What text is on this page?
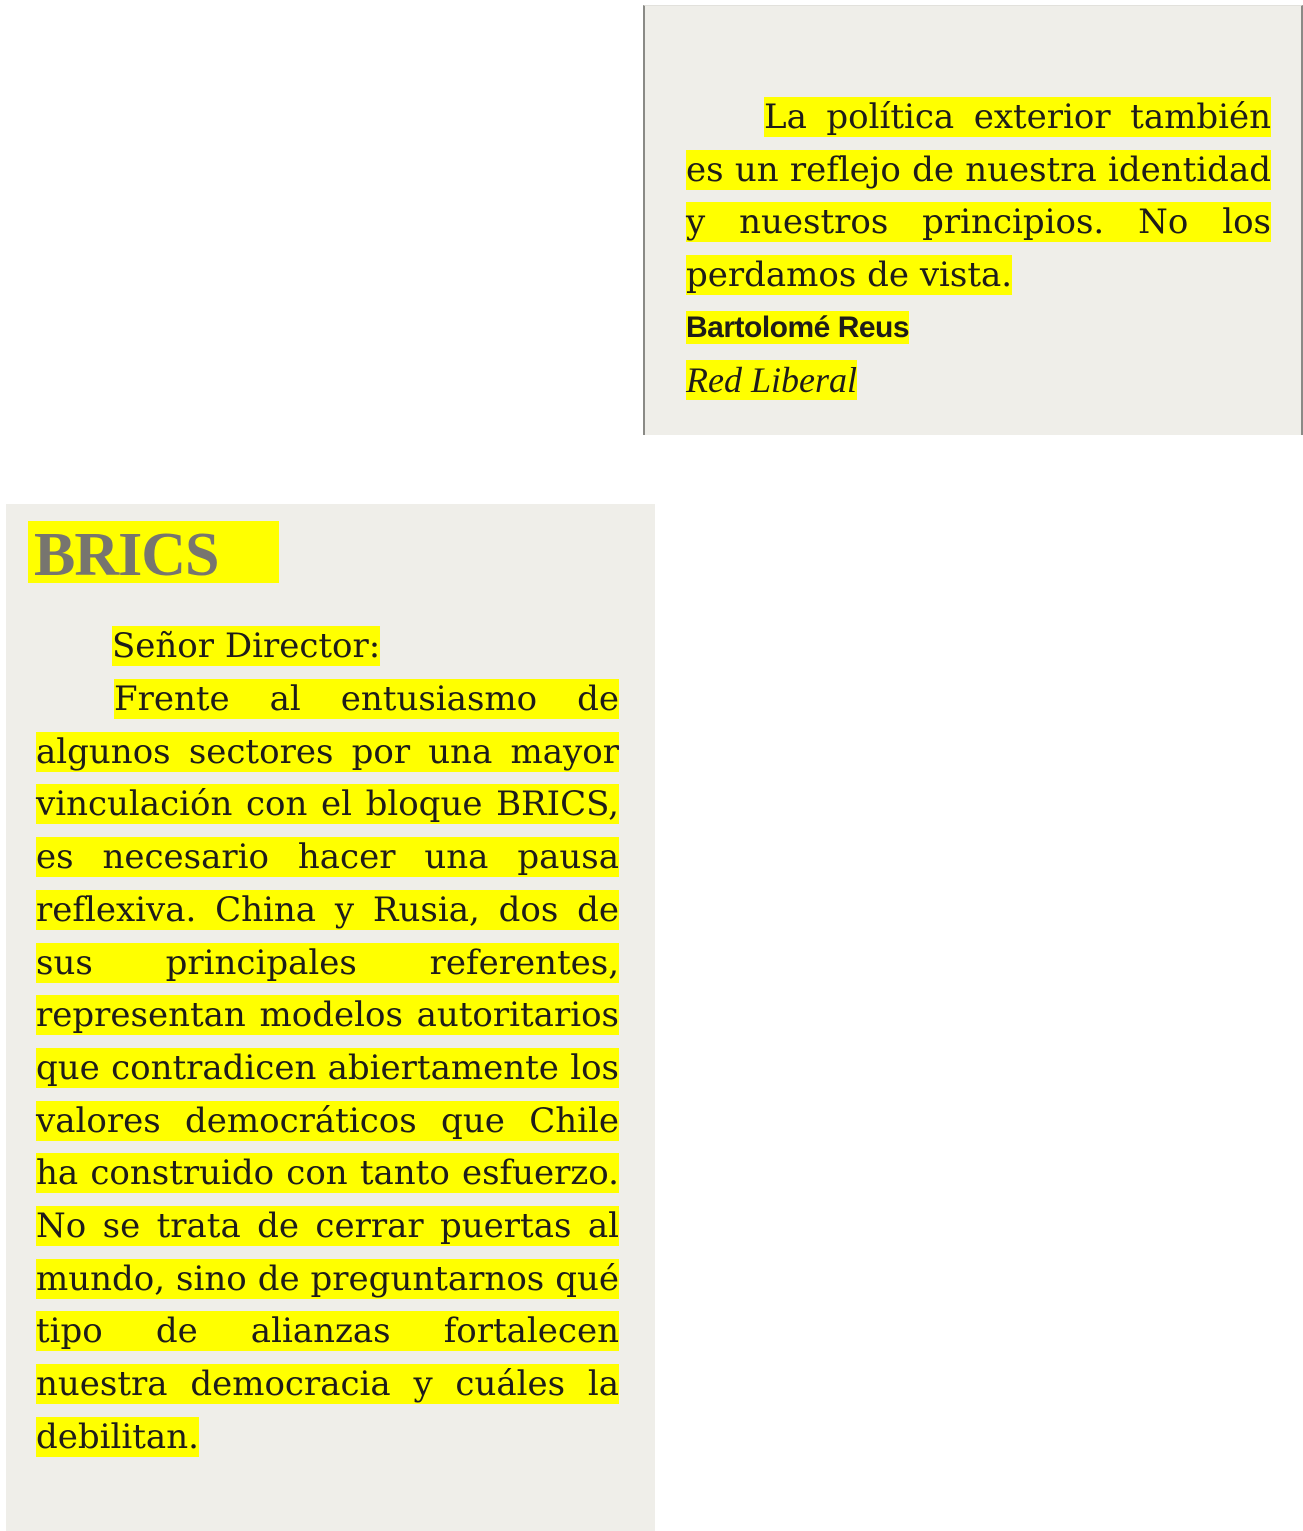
La política exterior también es un reflejo de nuestra identidad y nuestros principios. No los perdamos de vista.

Bartolomé Reus
Red Liberal
BRICS

Señor Director:

Frente al entusiasmo de algunos sectores por una mayor vinculación con el bloque BRICS, es necesario hacer una pausa reflexiva. China y Rusia, dos de sus principales referentes, representan modelos autoritarios que contradicen abiertamente los valores democráticos que Chile ha construido con tanto esfuerzo. No se trata de cerrar puertas al mundo, sino de preguntarnos qué tipo de alianzas fortalecen nuestra democracia y cuáles la debilitan.
